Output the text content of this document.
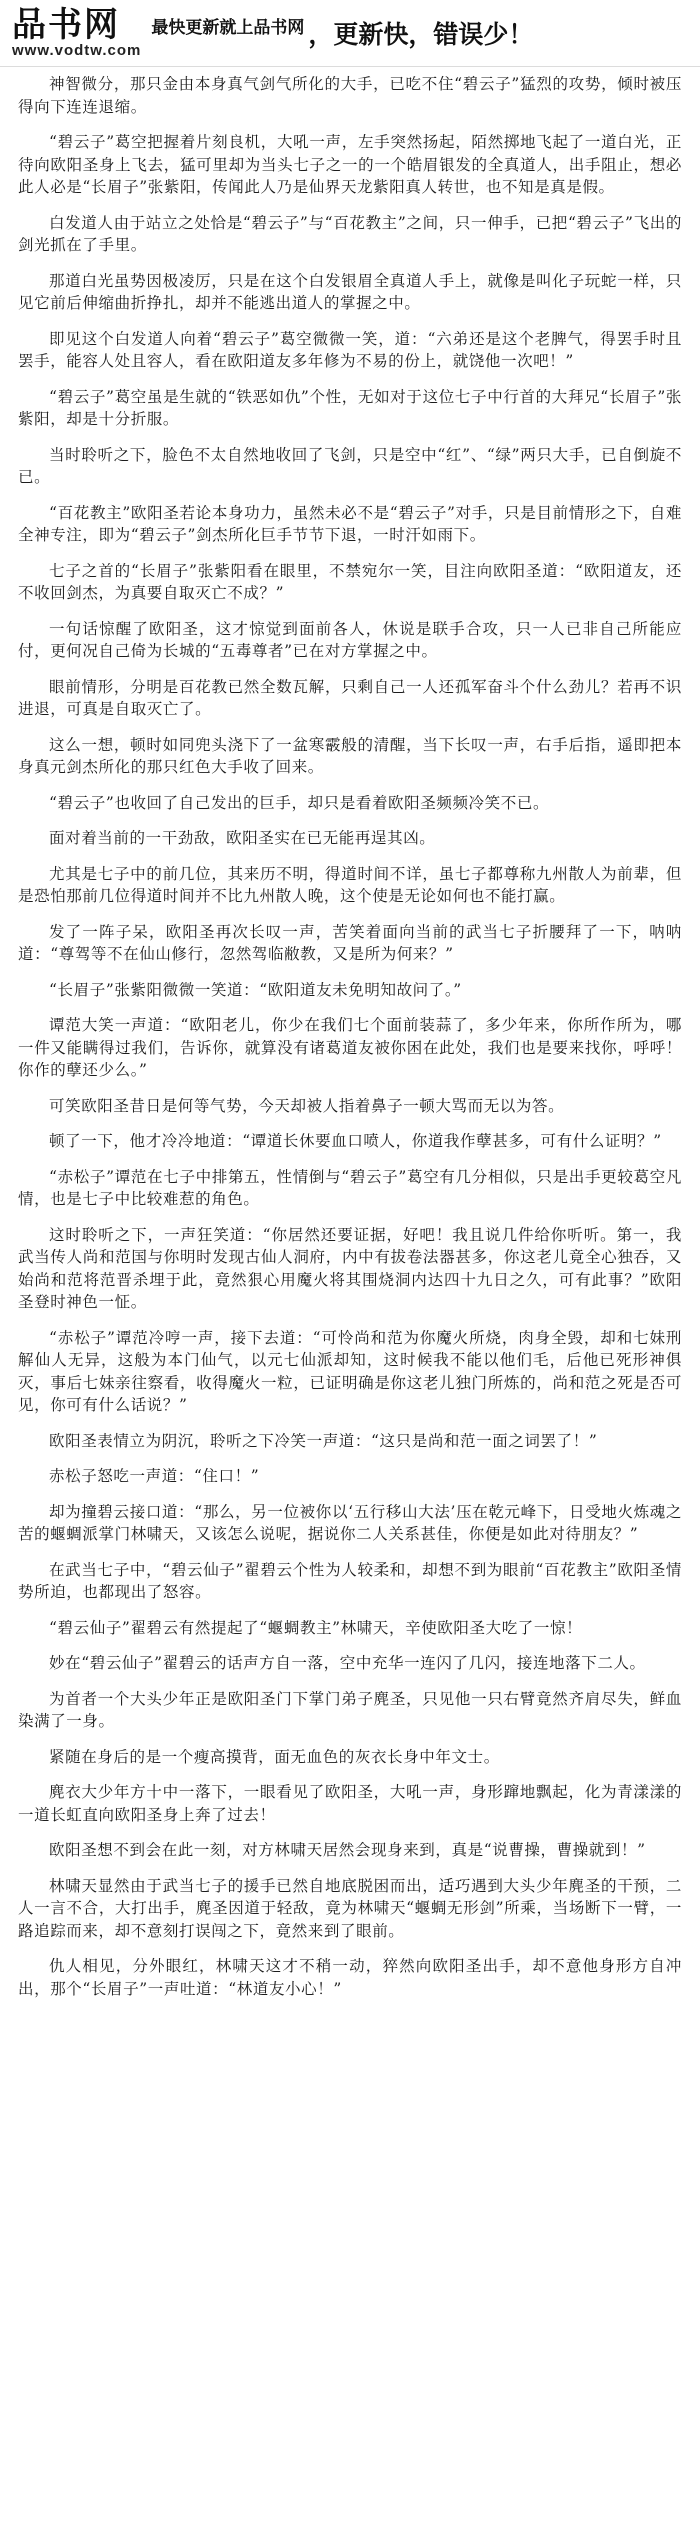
品书网
www.vodtw.com
最快更新就上品书网 ，更新快，错误少！

神智微分，那只金由本身真气剑气所化的大手，已吃不住“碧云子”猛烈的攻势，倾时被压得向下连连退缩。

“碧云子”葛空把握着片刻良机，大吼一声，左手突然扬起，陌然掷地飞起了一道白光，正待向欧阳圣身上飞去，猛可里却为当头七子之一的一个皓眉银发的全真道人，出手阻止，想必此人必是“长眉子”张紫阳，传闻此人乃是仙界天龙紫阳真人转世，也不知是真是假。

白发道人由于站立之处恰是“碧云子”与“百花教主”之间，只一伸手，已把“碧云子”飞出的剑光抓在了手里。

那道白光虽势因极凌厉，只是在这个白发银眉全真道人手上，就像是叫化子玩蛇一样，只见它前后伸缩曲折挣扎，却并不能逃出道人的掌握之中。

即见这个白发道人向着“碧云子”葛空微微一笑，道：“六弟还是这个老脾气，得罢手时且罢手，能容人处且容人，看在欧阳道友多年修为不易的份上，就饶他一次吧！”

“碧云子”葛空虽是生就的“铁恶如仇”个性，无如对于这位七子中行首的大拜兄“长眉子”张紫阳，却是十分折服。

当时聆听之下，脸色不太自然地收回了飞剑，只是空中“红”、“绿”两只大手，已自倒旋不已。

“百花教主”欧阳圣若论本身功力，虽然未必不是“碧云子”对手，只是目前情形之下，自难全神专注，即为“碧云子”剑杰所化巨手节节下退，一时汗如雨下。

七子之首的“长眉子”张紫阳看在眼里，不禁宛尔一笑，目注向欧阳圣道：“欧阳道友，还不收回剑杰，为真要自取灭亡不成？”

一句话惊醒了欧阳圣，这才惊觉到面前各人，休说是联手合攻，只一人已非自己所能应付，更何况自己倚为长城的“五毒尊者”已在对方掌握之中。

眼前情形，分明是百花教已然全数瓦解，只剩自己一人还孤军奋斗个什么劲儿？若再不识进退，可真是自取灭亡了。

这么一想，顿时如同兜头浇下了一盆寒霰般的清醒，当下长叹一声，右手后指，遥即把本身真元剑杰所化的那只红色大手收了回来。

“碧云子”也收回了自己发出的巨手，却只是看着欧阳圣频频冷笑不已。

面对着当前的一干劲敌，欧阳圣实在已无能再逞其凶。

尤其是七子中的前几位，其来历不明，得道时间不详，虽七子都尊称九州散人为前辈，但是恐怕那前几位得道时间并不比九州散人晚，这个使是无论如何也不能打赢。

发了一阵子呆，欧阳圣再次长叹一声，苦笑着面向当前的武当七子折腰拜了一下，呐呐道：“尊驾等不在仙山修行，忽然驾临敝教，又是所为何来？”

“长眉子”张紫阳微微一笑道：“欧阳道友未免明知故问了。”

谭范大笑一声道：“欧阳老儿，你少在我们七个面前装蒜了，多少年来，你所作所为，哪一件又能瞒得过我们，告诉你，就算没有诸葛道友被你困在此处，我们也是要来找你，呼呼！你作的孽还少么。”

可笑欧阳圣昔日是何等气势，今天却被人指着鼻子一顿大骂而无以为答。

顿了一下，他才冷冷地道：“谭道长休要血口喷人，你道我作孽甚多，可有什么证明？”

“赤松子”谭范在七子中排第五，性情倒与“碧云子”葛空有几分相似，只是出手更较葛空凡情，也是七子中比较难惹的角色。

这时聆听之下，一声狂笑道：“你居然还要证据，好吧！我且说几件给你听听。第一，我武当传人尚和范国与你明时发现古仙人洞府，内中有拔卷法器甚多，你这老儿竟全心独吞，又始尚和范将范晋杀埋于此，竟然狠心用魔火将其围烧洞内达四十九日之久，可有此事？”欧阳圣登时神色一怔。

“赤松子”谭范冷哼一声，接下去道：“可怜尚和范为你魔火所烧，肉身全毁，却和七妹刑解仙人无异，这般为本门仙气，以元七仙派却知，这时候我不能以他们毛，后他已死形神俱灭，事后七妹亲往察看，收得魔火一粒，已证明确是你这老儿独门所炼的，尚和范之死是否可见，你可有什么话说？”

欧阳圣表情立为阴沉，聆听之下冷笑一声道：“这只是尚和范一面之词罢了！”

赤松子怒吃一声道：“住口！”

却为撞碧云接口道：“那么，另一位被你以‘五行移山大法’压在乾元峰下，日受地火炼魂之苦的蝘蜩派掌门林啸天，又该怎么说呢，据说你二人关系甚佳，你便是如此对待朋友？”

在武当七子中，“碧云仙子”翟碧云个性为人较柔和，却想不到为眼前“百花教主”欧阳圣情势所迫，也都现出了怒容。

“碧云仙子”翟碧云有然提起了“蝘蜩教主”林啸天，辛使欧阳圣大吃了一惊！

妙在“碧云仙子”翟碧云的话声方自一落，空中充华一连闪了几闪，接连地落下二人。

为首者一个大头少年正是欧阳圣门下掌门弟子麂圣，只见他一只右臂竟然齐肩尽失，鲜血染满了一身。

紧随在身后的是一个瘦高摸背，面无血色的灰衣长身中年文士。

麂衣大少年方十中一落下，一眼看见了欧阳圣，大吼一声，身形蹿地飘起，化为青漾漾的一道长虹直向欧阳圣身上奔了过去！

欧阳圣想不到会在此一刻，对方林啸天居然会现身来到，真是“说曹操，曹操就到！”

林啸天显然由于武当七子的援手已然自地底脱困而出，适巧遇到大头少年麂圣的干预，二人一言不合，大打出手，麂圣因道于轻敌，竟为林啸天“蝘蜩无形剑”所乘，当场断下一臂，一路追踪而来，却不意刻打误闯之下，竟然来到了眼前。

仇人相见，分外眼红，林啸天这才不稍一动，猝然向欧阳圣出手，却不意他身形方自冲出，那个“长眉子”一声吐道：“林道友小心！”
